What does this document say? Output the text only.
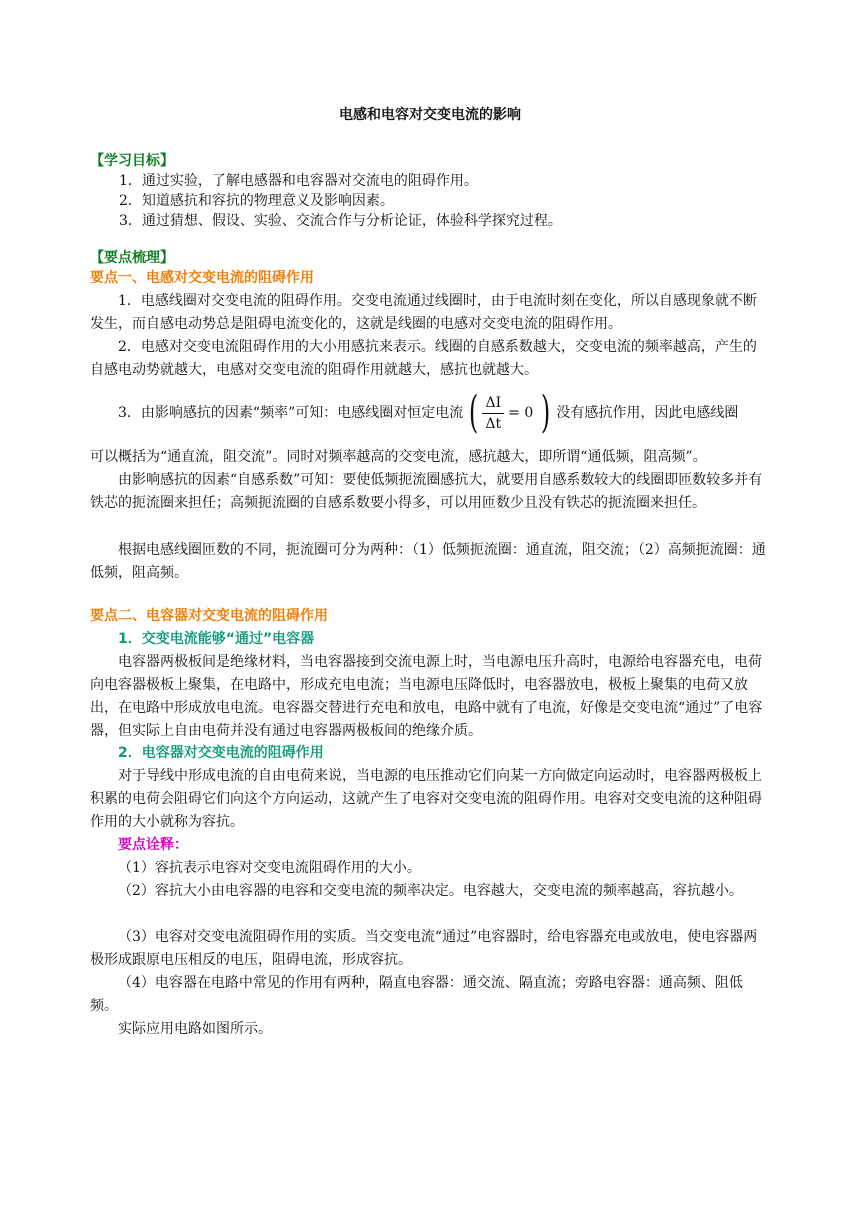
电感和电容对交变电流的影响
【学习目标】

1．通过实验，了解电感器和电容器对交流电的阻碍作用。

2．知道感抗和容抗的物理意义及影响因素。

3．通过猜想、假设、实验、交流合作与分析论证，体验科学探究过程。

【要点梳理】
要点一、电感对交变电流的阻碍作用

1．电感线圈对交变电流的阻碍作用。交变电流通过线圈时，由于电流时刻在变化，所以自感现象就不断发生，而自感电动势总是阻碍电流变化的，这就是线圈的电感对交变电流的阻碍作用。

2．电感对交变电流阻碍作用的大小用感抗来表示。线圈的自感系数越大，交变电流的频率越高，产生的自感电动势就越大，电感对交变电流的阻碍作用就越大，感抗也就越大。

3．由影响感抗的因素“频率”可知：电感线圈对恒定电流 ( $\frac{\Delta I}{\Delta t} = 0$ ) 没有感抗作用，因此电感线圈

可以概括为“通直流，阻交流”。同时对频率越高的交变电流，感抗越大，即所谓“通低频，阻高频”。

由影响感抗的因素“自感系数”可知：要使低频扼流圈感抗大，就要用自感系数较大的线圈即匝数较多并有铁芯的扼流圈来担任；高频扼流圈的自感系数要小得多，可以用匝数少且没有铁芯的扼流圈来担任。

根据电感线圈匝数的不同，扼流圈可分为两种：（1）低频扼流圈：通直流，阻交流；（2）高频扼流圈：通低频，阻高频。

要点二、电容器对交变电流的阻碍作用
1．交变电流能够“通过”电容器

电容器两极板间是绝缘材料，当电容器接到交流电源上时，当电源电压升高时，电源给电容器充电，电荷向电容器极板上聚集，在电路中，形成充电电流；当电源电压降低时，电容器放电，极板上聚集的电荷又放出，在电路中形成放电电流。电容器交替进行充电和放电，电路中就有了电流，好像是交变电流“通过”了电容器，但实际上自由电荷并没有通过电容器两极板间的绝缘介质。

2．电容器对交变电流的阻碍作用

对于导线中形成电流的自由电荷来说，当电源的电压推动它们向某一方向做定向运动时，电容器两极板上积累的电荷会阻碍它们向这个方向运动，这就产生了电容对交变电流的阻碍作用。电容对交变电流的这种阻碍作用的大小就称为容抗。

要点诠释：

（1）容抗表示电容对交变电流阻碍作用的大小。

（2）容抗大小由电容器的电容和交变电流的频率决定。电容越大，交变电流的频率越高，容抗越小。

（3）电容对交变电流阻碍作用的实质。当交变电流“通过”电容器时，给电容器充电或放电，使电容器两极形成跟原电压相反的电压，阻碍电流，形成容抗。

（4）电容器在电路中常见的作用有两种，隔直电容器：通交流、隔直流；旁路电容器：通高频、阻低频。

实际应用电路如图所示。
